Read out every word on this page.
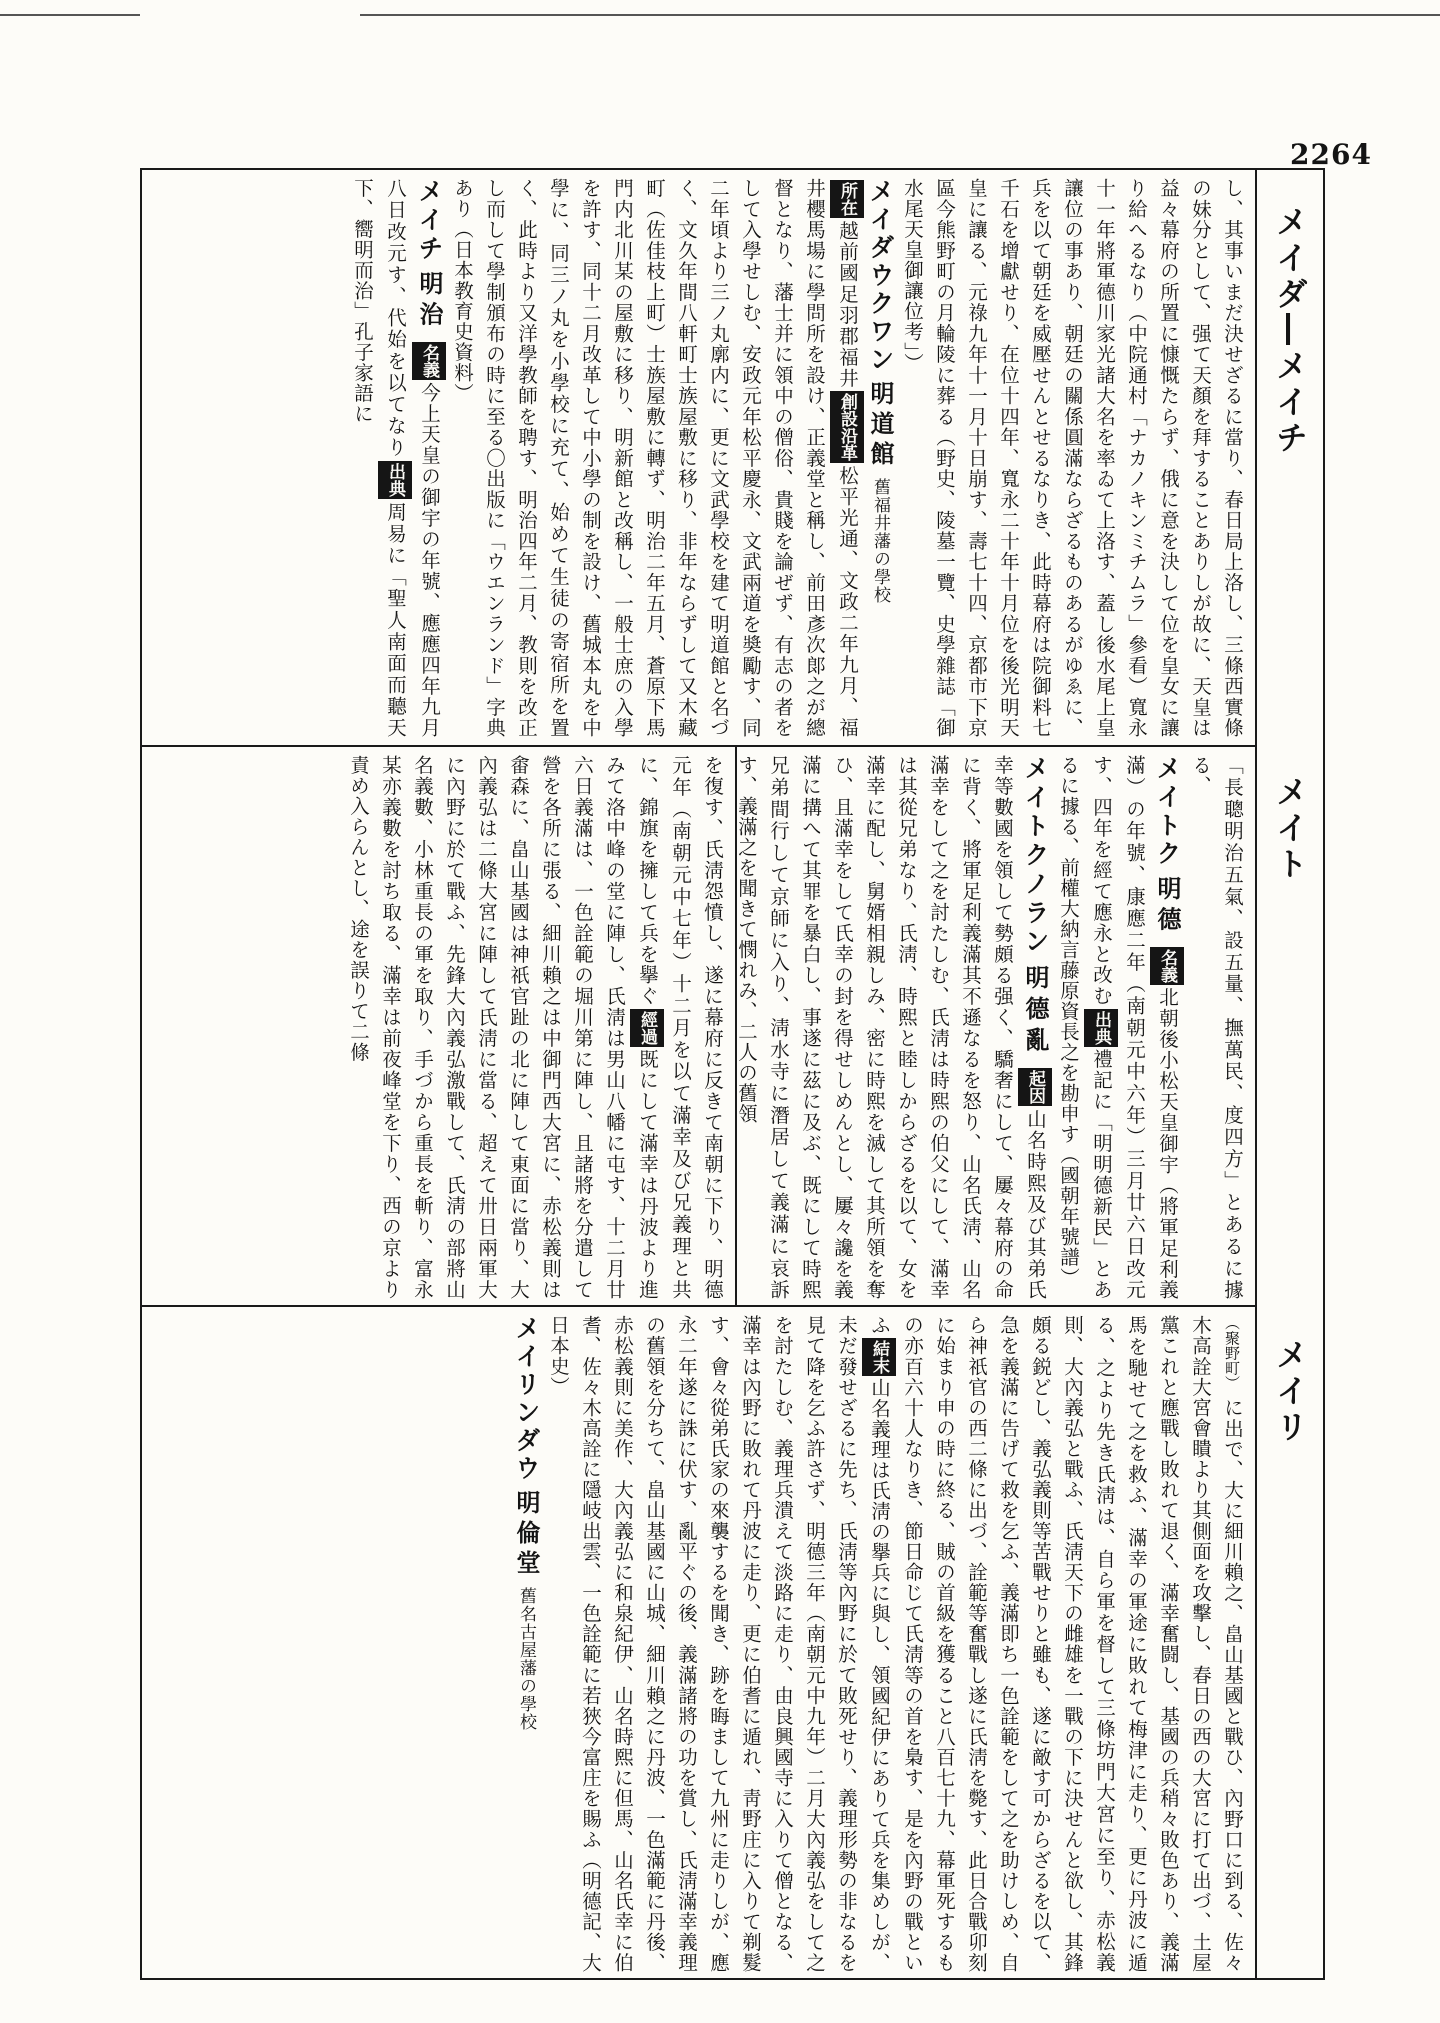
2264
メイダ―メイチ
メイト
メイリ
し、其事いまだ決せざるに當り、春日局上洛し、三條西實條の妹分として、强て天顏を拜することありしが故に、天皇は益々幕府の所置に慷慨たらず、俄に意を決して位を皇女に讓り給へるなり（中院通村「ナカノキンミチムラ」參看）寬永十一年將軍德川家光諸大名を率ゐて上洛す、蓋し後水尾上皇讓位の事あり、朝廷の關係圓滿ならざるものあるがゆゑに、兵を以て朝廷を威壓せんとせるなりき、此時幕府は院御料七千石を增獻せり、在位十四年、寬永二十年十月位を後光明天皇に讓る、元祿九年十一月十日崩す、壽七十四、京都市下京區今熊野町の月輪陵に葬る（野史、陵墓一覽、史學雜誌「御水尾天皇御讓位考」）
メイダウクワン 明道館 舊福井藩の學校
所在越前國足羽郡福井創設沿革松平光通、文政二年九月、福井櫻馬場に學問所を設け、正義堂と稱し、前田彥次郞之が總督となり、藩士并に領中の僧俗、貴賤を論ぜず、有志の者をして入學せしむ、安政元年松平慶永、文武兩道を奬勵す、同二年頃より三ノ丸廓内に、更に文武學校を建て明道館と名づく、文久年間八軒町士族屋敷に移り、非年ならずして又木藏町（佐佳枝上町）士族屋敷に轉ず、明治二年五月、蒼原下馬門内北川某の屋敷に移り、明新館と改稱し、一般士庶の入學を許す、同十二月改革して中小學の制を設け、舊城本丸を中學に、同三ノ丸を小學校に充て、始めて生徒の寄宿所を置く、此時より又洋學教師を聘す、明治四年二月、教則を改正し而して學制頒布の時に至る〇出版に「ウエンランド」字典あり（日本教育史資料）
メイチ 明治 名義今上天皇の御宇の年號、應應四年九月八日改元す、代始を以てなり出典周易に「聖人南面而聽天下、嚮明而治」孔子家語に
「長聰明治五氣、設五量、撫萬民、度四方」とあるに據る、
メイトク 明德 名義北朝後小松天皇御宇（將軍足利義滿）の年號、康應二年（南朝元中六年）三月廿六日改元す、四年を經て應永と改む出典禮記に「明明德新民」とあるに據る、前權大納言藤原資長之を勘申す（國朝年號譜）
メイトクノラン 明德亂 起因山名時熙及び其弟氏幸等數國を領して勢頗る强く、驕奢にして、屢々幕府の命に背く、將軍足利義滿其不遜なるを怒り、山名氏淸、山名滿幸をして之を討たしむ、氏淸は時熙の伯父にして、滿幸は其從兄弟なり、氏淸、時熙と睦しからざるを以て、女を滿幸に配し、舅婿相親しみ、密に時熙を滅して其所領を奪ひ、且滿幸をして氏幸の封を得せしめんとし、屢々讒を義滿に搆へて其罪を暴白し、事遂に茲に及ぶ、既にして時熙兄弟間行して京師に入り、淸水寺に潛居して義滿に哀訴す、義滿之を聞きて憫れみ、二人の舊領
を復す、氏淸怨憤し、遂に幕府に反きて南朝に下り、明德元年（南朝元中七年）十二月を以て滿幸及び兄義理と共に、錦旗を擁して兵を擧ぐ經過既にして滿幸は丹波より進みて洛中峰の堂に陣し、氏淸は男山八幡に屯す、十二月廿六日義滿は、一色詮範の堀川第に陣し、且諸將を分遣して營を各所に張る、細川賴之は中御門西大宮に、赤松義則は畬森に、畠山基國は神祇官趾の北に陣して東面に當り、大內義弘は二條大宮に陣して氏淸に當る、超えて卅日兩軍大に內野に於て戰ふ、先鋒大內義弘激戰して、氏淸の部將山名義數、小林重長の軍を取り、手づから重長を斬り、富永某亦義數を討ち取る、滿幸は前夜峰堂を下り、西の京より責め入らんとし、途を誤りて二條
（聚野町） に出で、大に細川賴之、畠山基國と戰ひ、內野口に到る、佐々木高詮大宮會瞶より其側面を攻擊し、春日の西の大宮に打て出づ、土屋黨これと應戰し敗れて退く、滿幸奮闘し、基國の兵稍々敗色あり、義滿馬を馳せて之を救ふ、滿幸の軍途に敗れて梅津に走り、更に丹波に遁る、之より先き氏淸は、自ら軍を督して三條坊門大宮に至り、赤松義則、大內義弘と戰ふ、氏淸天下の雌雄を一戰の下に決せんと欲し、其鋒頗る鋭どし、義弘義則等苦戰せりと雖も、遂に敵す可からざるを以て、急を義滿に告げて救を乞ふ、義滿即ち一色詮範をして之を助けしめ、自ら神祇官の西二條に出づ、詮範等奮戰し遂に氏淸を斃す、此日合戰卯刻に始まり申の時に終る、賊の首級を獲ること八百七十九、幕軍死するもの亦百六十人なりき、節日命じて氏淸等の首を梟す、是を內野の戰といふ結末山名義理は氏淸の擧兵に與し、領國紀伊にありて兵を集めしが、未だ發せざるに先ち、氏淸等內野に於て敗死せり、義理形勢の非なるを見て降を乞ふ許さず、明德三年（南朝元中九年）二月大內義弘をして之を討たしむ、義理兵潰えて淡路に走り、由良興國寺に入りて僧となる、滿幸は內野に敗れて丹波に走り、更に伯耆に遁れ、靑野庄に入りて剃髮す、會々從弟氏家の來襲するを聞き、跡を晦まして九州に走りしが、應永二年遂に誅に伏す、亂平ぐの後、義滿諸將の功を賞し、氏淸滿幸義理の舊領を分ちて、畠山基國に山城、細川賴之に丹波、一色滿範に丹後、赤松義則に美作、大內義弘に和泉紀伊、山名時熙に但馬、山名氏幸に伯耆、佐々木高詮に隱岐出雲、一色詮範に若狹今富庄を賜ふ（明德記、大日本史）
メイリンダウ 明倫堂 舊名古屋藩の學校
